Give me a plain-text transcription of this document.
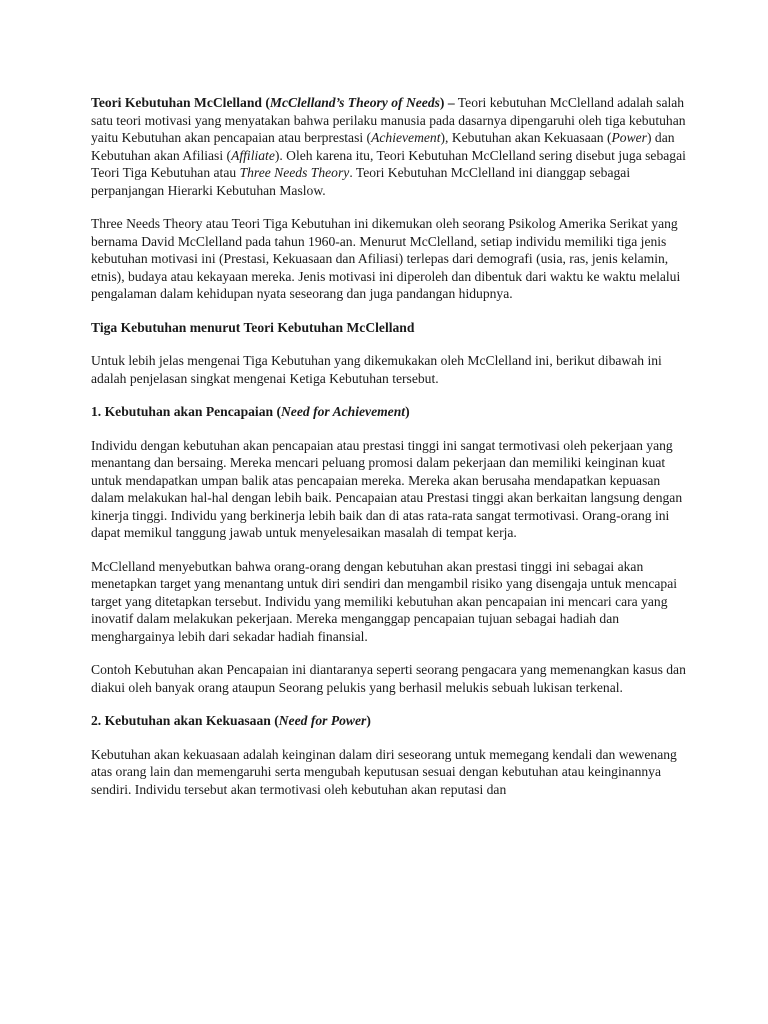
Teori Kebutuhan McClelland (McClelland’s Theory of Needs) – Teori kebutuhan McClelland adalah salah satu teori motivasi yang menyatakan bahwa perilaku manusia pada dasarnya dipengaruhi oleh tiga kebutuhan yaitu Kebutuhan akan pencapaian atau berprestasi (Achievement), Kebutuhan akan Kekuasaan (Power) dan Kebutuhan akan Afiliasi (Affiliate). Oleh karena itu, Teori Kebutuhan McClelland sering disebut juga sebagai Teori Tiga Kebutuhan atau Three Needs Theory. Teori Kebutuhan McClelland ini dianggap sebagai perpanjangan Hierarki Kebutuhan Maslow.

Three Needs Theory atau Teori Tiga Kebutuhan ini dikemukan oleh seorang Psikolog Amerika Serikat yang bernama David McClelland pada tahun 1960-an. Menurut McClelland, setiap individu memiliki tiga jenis kebutuhan motivasi ini (Prestasi, Kekuasaan dan Afiliasi) terlepas dari demografi (usia, ras, jenis kelamin, etnis), budaya atau kekayaan mereka. Jenis motivasi ini diperoleh dan dibentuk dari waktu ke waktu melalui pengalaman dalam kehidupan nyata seseorang dan juga pandangan hidupnya.

Tiga Kebutuhan menurut Teori Kebutuhan McClelland

Untuk lebih jelas mengenai Tiga Kebutuhan yang dikemukakan oleh McClelland ini, berikut dibawah ini adalah penjelasan singkat mengenai Ketiga Kebutuhan tersebut.

1. Kebutuhan akan Pencapaian (Need for Achievement)

Individu dengan kebutuhan akan pencapaian atau prestasi tinggi ini sangat termotivasi oleh pekerjaan yang menantang dan bersaing. Mereka mencari peluang promosi dalam pekerjaan dan memiliki keinginan kuat untuk mendapatkan umpan balik atas pencapaian mereka. Mereka akan berusaha mendapatkan kepuasan dalam melakukan hal-hal dengan lebih baik. Pencapaian atau Prestasi tinggi akan berkaitan langsung dengan kinerja tinggi. Individu yang berkinerja lebih baik dan di atas rata-rata sangat termotivasi. Orang-orang ini dapat memikul tanggung jawab untuk menyelesaikan masalah di tempat kerja.

McClelland menyebutkan bahwa orang-orang dengan kebutuhan akan prestasi tinggi ini sebagai akan menetapkan target yang menantang untuk diri sendiri dan mengambil risiko yang disengaja untuk mencapai target yang ditetapkan tersebut. Individu yang memiliki kebutuhan akan pencapaian ini mencari cara yang inovatif dalam melakukan pekerjaan. Mereka menganggap pencapaian tujuan sebagai hadiah dan menghargainya lebih dari sekadar hadiah finansial.

Contoh Kebutuhan akan Pencapaian ini diantaranya seperti seorang pengacara yang memenangkan kasus dan diakui oleh banyak orang ataupun Seorang pelukis yang berhasil melukis sebuah lukisan terkenal.

2. Kebutuhan akan Kekuasaan (Need for Power)

Kebutuhan akan kekuasaan adalah keinginan dalam diri seseorang untuk memegang kendali dan wewenang atas orang lain dan memengaruhi serta mengubah keputusan sesuai dengan kebutuhan atau keinginannya sendiri. Individu tersebut akan termotivasi oleh kebutuhan akan reputasi dan
